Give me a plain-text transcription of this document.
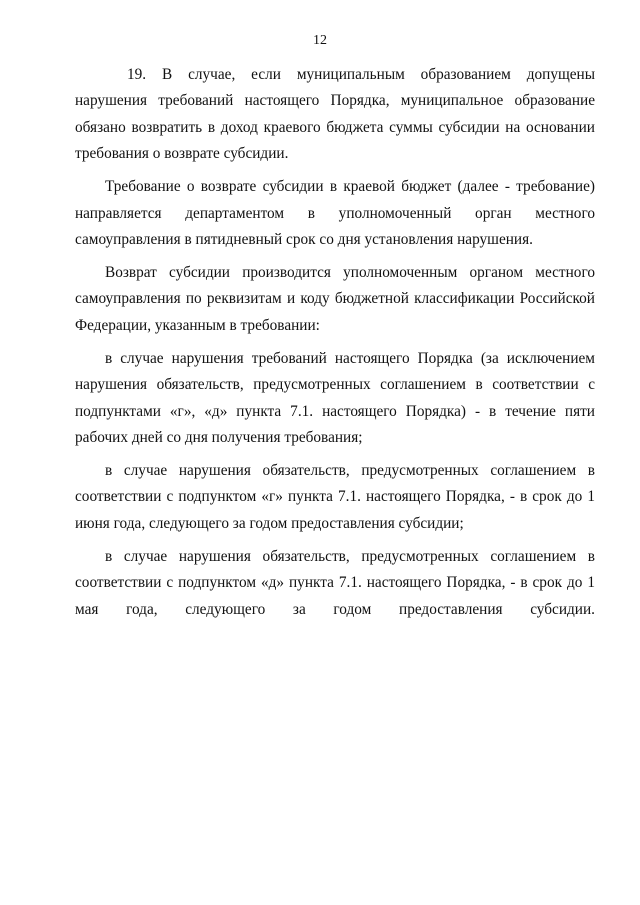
12

19. В случае, если муниципальным образованием допущены нарушения требований настоящего Порядка, муниципальное образование обязано возвратить в доход краевого бюджета суммы субсидии на основании требования о возврате субсидии.

Требование о возврате субсидии в краевой бюджет (далее - требование) направляется департаментом в уполномоченный орган местного самоуправления в пятидневный срок со дня установления нарушения.

Возврат субсидии производится уполномоченным органом местного самоуправления по реквизитам и коду бюджетной классификации Российской Федерации, указанным в требовании:

в случае нарушения требований настоящего Порядка (за исключением нарушения обязательств, предусмотренных соглашением в соответствии с подпунктами «г», «д» пункта 7.1. настоящего Порядка) - в течение пяти рабочих дней со дня получения требования;

в случае нарушения обязательств, предусмотренных соглашением в соответствии с подпунктом «г» пункта 7.1. настоящего Порядка, - в срок до 1 июня года, следующего за годом предоставления субсидии;

в случае нарушения обязательств, предусмотренных соглашением в соответствии с подпунктом «д» пункта 7.1. настоящего Порядка, - в срок до 1 мая года, следующего за годом предоставления субсидии.
